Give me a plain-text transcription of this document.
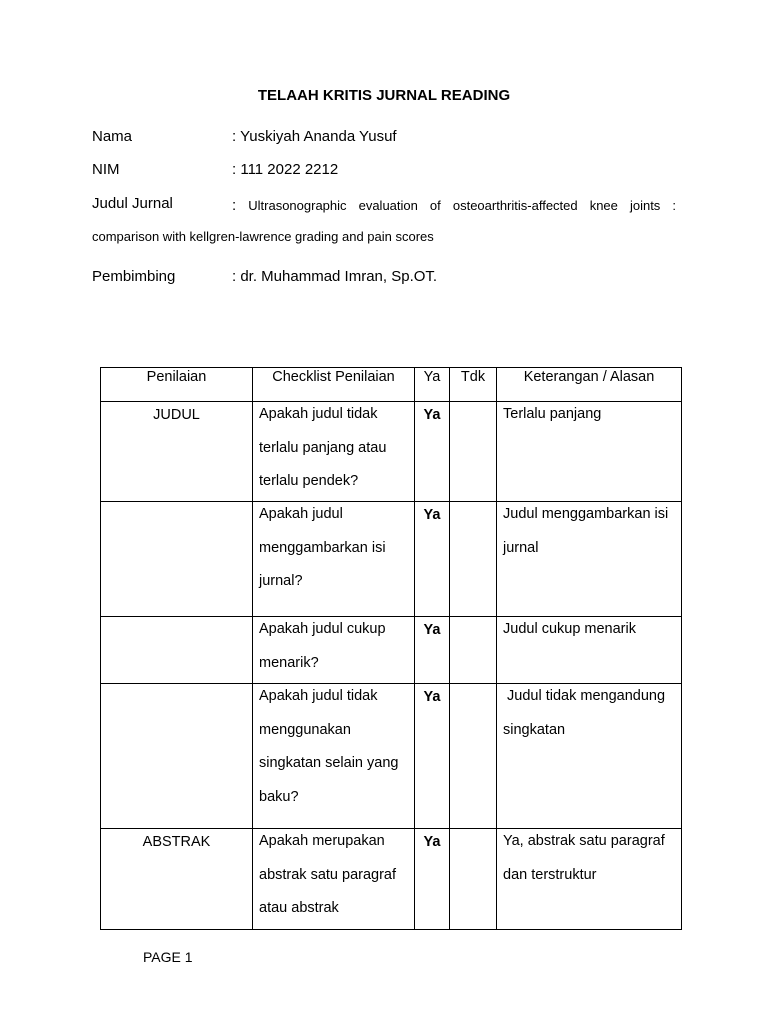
TELAAH KRITIS JURNAL READING
Nama	: Yuskiyah Ananda Yusuf
NIM	: 111 2022 2212
Judul Jurnal	: Ultrasonographic evaluation of osteoarthritis-affected knee joints :
comparison with kellgren-lawrence grading and pain scores
Pembimbing	: dr. Muhammad Imran, Sp.OT.
Penilaian	Checklist Penilaian	Ya	Tdk	Keterangan / Alasan
JUDUL	Apakah judul tidak terlalu panjang atau terlalu pendek?	Ya		Terlalu panjang

	Apakah judul menggambarkan isi jurnal?	Ya		Judul menggambarkan isi jurnal

	Apakah judul cukup menarik?	Ya		Judul cukup menarik

	Apakah judul tidak menggunakan singkatan selain yang baku?	Ya		Judul tidak mengandung singkatan

ABSTRAK	Apakah merupakan abstrak satu paragraf atau abstrak	Ya		Ya, abstrak satu paragraf dan terstruktur
PAGE 1
